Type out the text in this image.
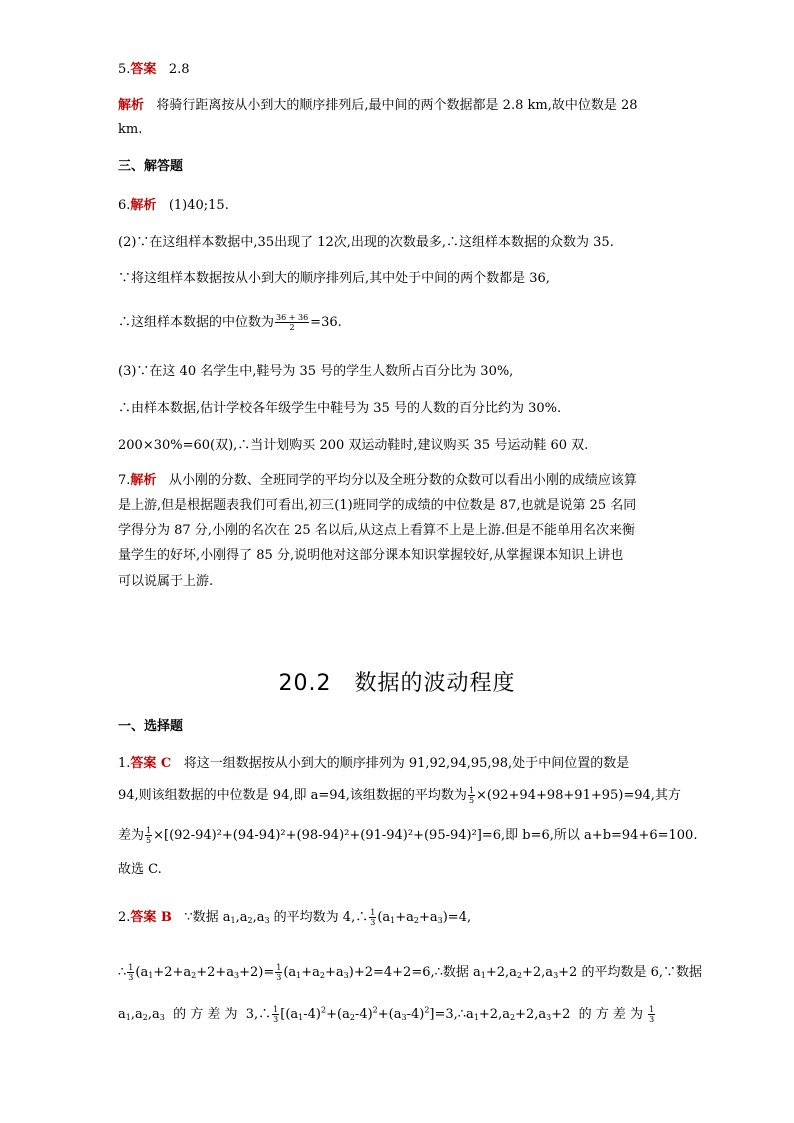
5.答案 2.8
解析 将骑行距离按从小到大的顺序排列后,最中间的两个数据都是 2.8 km,故中位数是 28
km.
三、解答题
6.解析 (1)40;15.
(2)∵在这组样本数据中,35出现了 12次,出现的次数最多,∴这组样本数据的众数为 35.
∵将这组样本数据按从小到大的顺序排列后,其中处于中间的两个数都是 36,
∴这组样本数据的中位数为 $\frac{36 + 36}{2} =36$.
(3)∵在这 40 名学生中,鞋号为 35 号的学生人数所占百分比为 30%,
∴由样本数据,估计学校各年级学生中鞋号为 35 号的人数的百分比约为 30%.
200×30%=60(双),∴当计划购买 200 双运动鞋时,建议购买 35 号运动鞋 60 双.
7.解析 从小刚的分数、全班同学的平均分以及全班分数的众数可以看出小刚的成绩应该算
是上游,但是根据题表我们可看出,初三(1)班同学的成绩的中位数是 87,也就是说第 25 名同
学得分为 87 分,小刚的名次在 25 名以后,从这点上看算不上是上游.但是不能单用名次来衡
量学生的好坏,小刚得了 85 分,说明他对这部分课本知识掌握较好,从掌握课本知识上讲也
可以说属于上游.
20.2　数据的波动程度
一、选择题
1.答案 C 将这一组数据按从小到大的顺序排列为 91,92,94,95,98,处于中间位置的数是
94,则该组数据的中位数是 94,即 a=94,该组数据的平均数为 $\frac{1}{5} \times(92+94+98+91+95)=94$,其方
差为 $\frac{1}{5} \times[(92-94)^2+(94-94)^2+(98-94)^2+(91-94)^2+(95-94)^2]=6$,即 b=6,所以 a+b=94+6=100.
故选 C.
2.答案 B   ∵数据 $a_1,a_2,a_3$ 的平均数为 4,∴ $\frac{1}{3} (a_1+a_2+a_3)=4$,
∴ $\frac{1}{3} (a_1+2+a_2+2+a_3+2)= \frac{1}{3}$ $(a_1+a_2+a_3)+2=4+2=6,\therefore$数据 $a_1+2,a_2+2,a_3+2$ 的平均数是 6,∵数据
$a_1,a_2,a_3$  的 方 差 为  3,∴ $\frac{1}{3}$ $[(a_1-4)^2+(a_2-4)^2+(a_3-4)^2]=3,\therefore a_1+2,a_2+2,a_3+2$  的 方 差 为 $\frac{1}{3}$
